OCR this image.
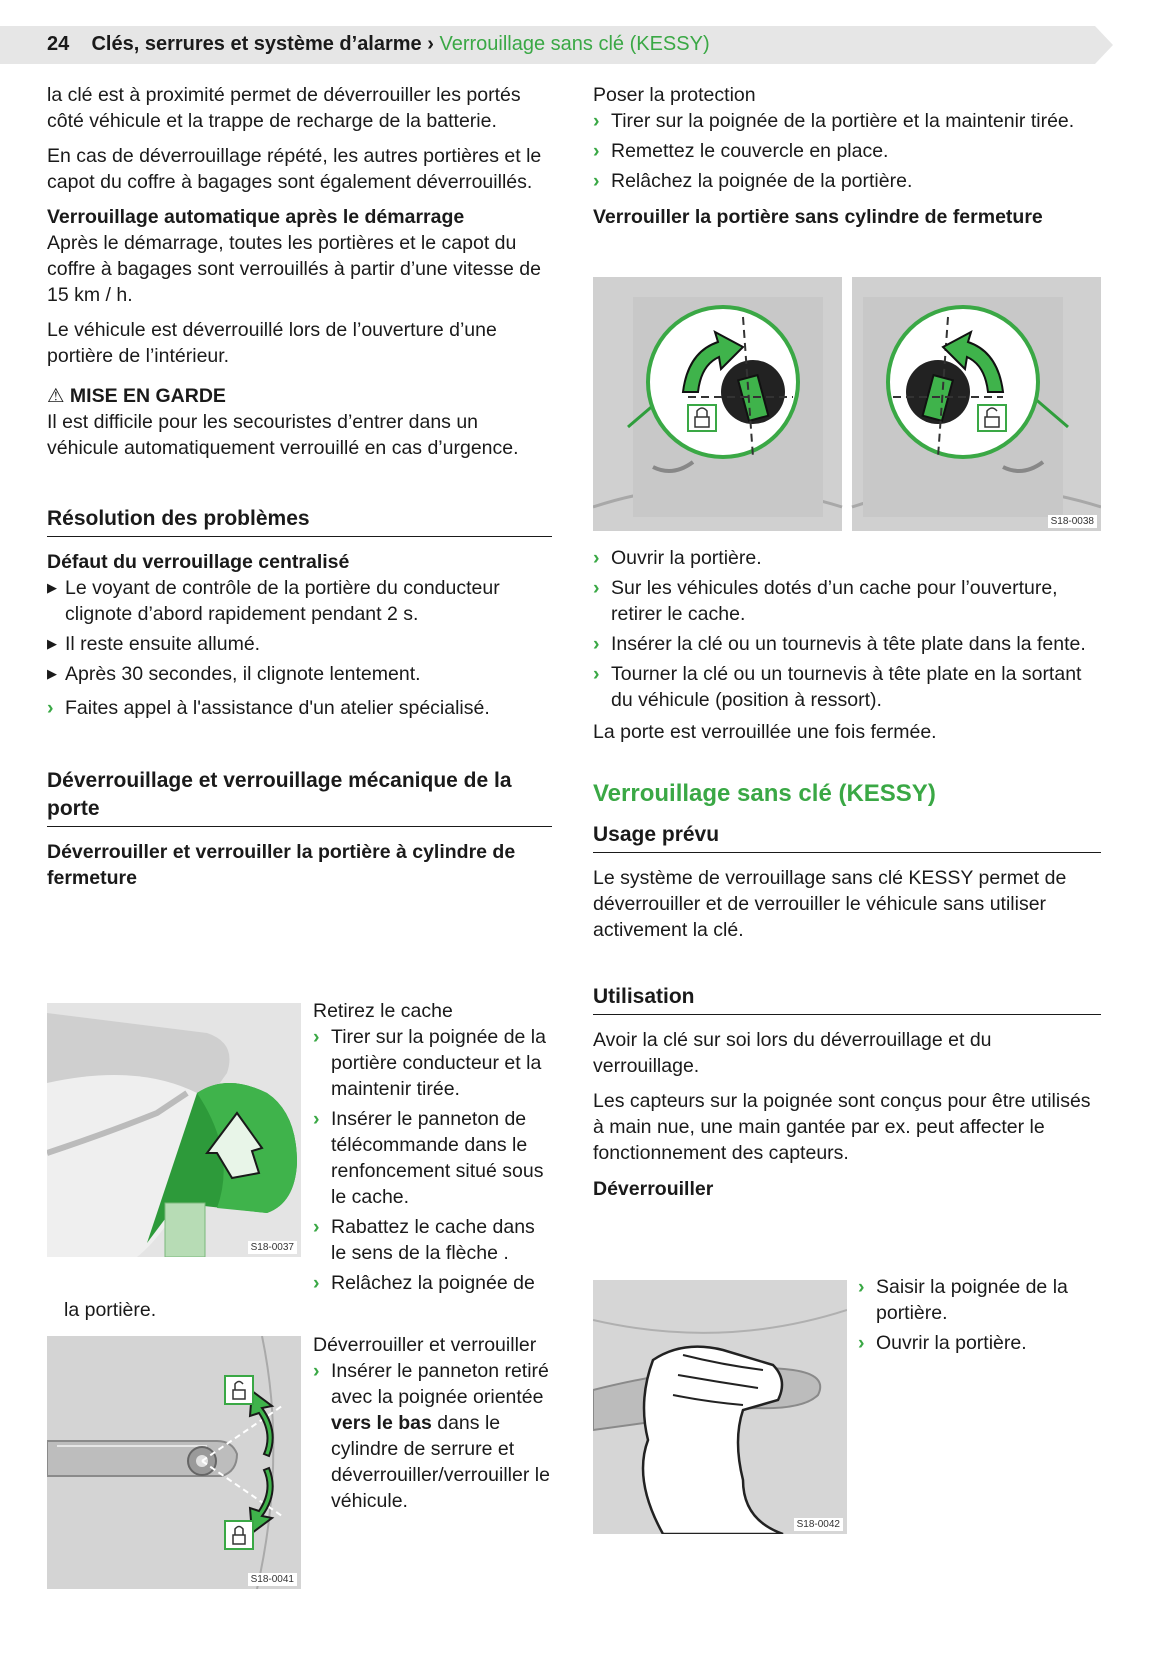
24 Clés, serrures et système d’alarme › Verrouillage sans clé (KESSY)

la clé est à proximité permet de déverrouiller les portés côté véhicule et la trappe de recharge de la batterie.

En cas de déverrouillage répété, les autres portières et le capot du coffre à bagages sont également déverrouillés.

Verrouillage automatique après le démarrage

Après le démarrage, toutes les portières et le capot du coffre à bagages sont verrouillés à partir d’une vitesse de 15 km / h.

Le véhicule est déverrouillé lors de l’ouverture d’une portière de l’intérieur.

⚠ MISE EN GARDE

Il est difficile pour les secouristes d’entrer dans un véhicule automatiquement verrouillé en cas d’urgence.

Résolution des problèmes

Défaut du verrouillage centralisé

▶ Le voyant de contrôle de la portière du conducteur clignote d’abord rapidement pendant 2 s.
▶ Il reste ensuite allumé.
▶ Après 30 secondes, il clignote lentement.
› Faites appel à l'assistance d'un atelier spécialisé.
Déverrouillage et verrouillage mécanique de la porte

Déverrouiller et verrouiller la portière à cylindre de fermeture

S18-0037

Retirez le cache

› Tirer sur la poignée de la portière conducteur et la maintenir tirée.
› Insérer le panneton de télécommande dans le renfoncement situé sous le cache.
› Rabattez le cache dans le sens de la flèche .
› Relâchez la poignée de
la portière.
S18-0041

Déverrouiller et verrouiller

› Insérer le panneton retiré avec la poignée orientée vers le bas dans le cylindre de serrure et déverrouiller/verrouiller le véhicule.

Poser la protection

› Tirer sur la poignée de la portière et la maintenir tirée.
› Remettez le couvercle en place.
› Relâchez la poignée de la portière.

Verrouiller la portière sans cylindre de fermeture

S18-0038
› Ouvrir la portière.
› Sur les véhicules dotés d’un cache pour l’ouverture, retirer le cache.
› Insérer la clé ou un tournevis à tête plate dans la fente.
› Tourner la clé ou un tournevis à tête plate en la sortant du véhicule (position à ressort).

La porte est verrouillée une fois fermée.

Verrouillage sans clé (KESSY)
Usage prévu

Le système de verrouillage sans clé KESSY permet de déverrouiller et de verrouiller le véhicule sans utiliser activement la clé.

Utilisation

Avoir la clé sur soi lors du déverrouillage et du verrouillage.

Les capteurs sur la poignée sont conçus pour être utilisés à main nue, une main gantée par ex. peut affecter le fonctionnement des capteurs.

Déverrouiller

S18-0042
› Saisir la poignée de la portière.
› Ouvrir la portière.
